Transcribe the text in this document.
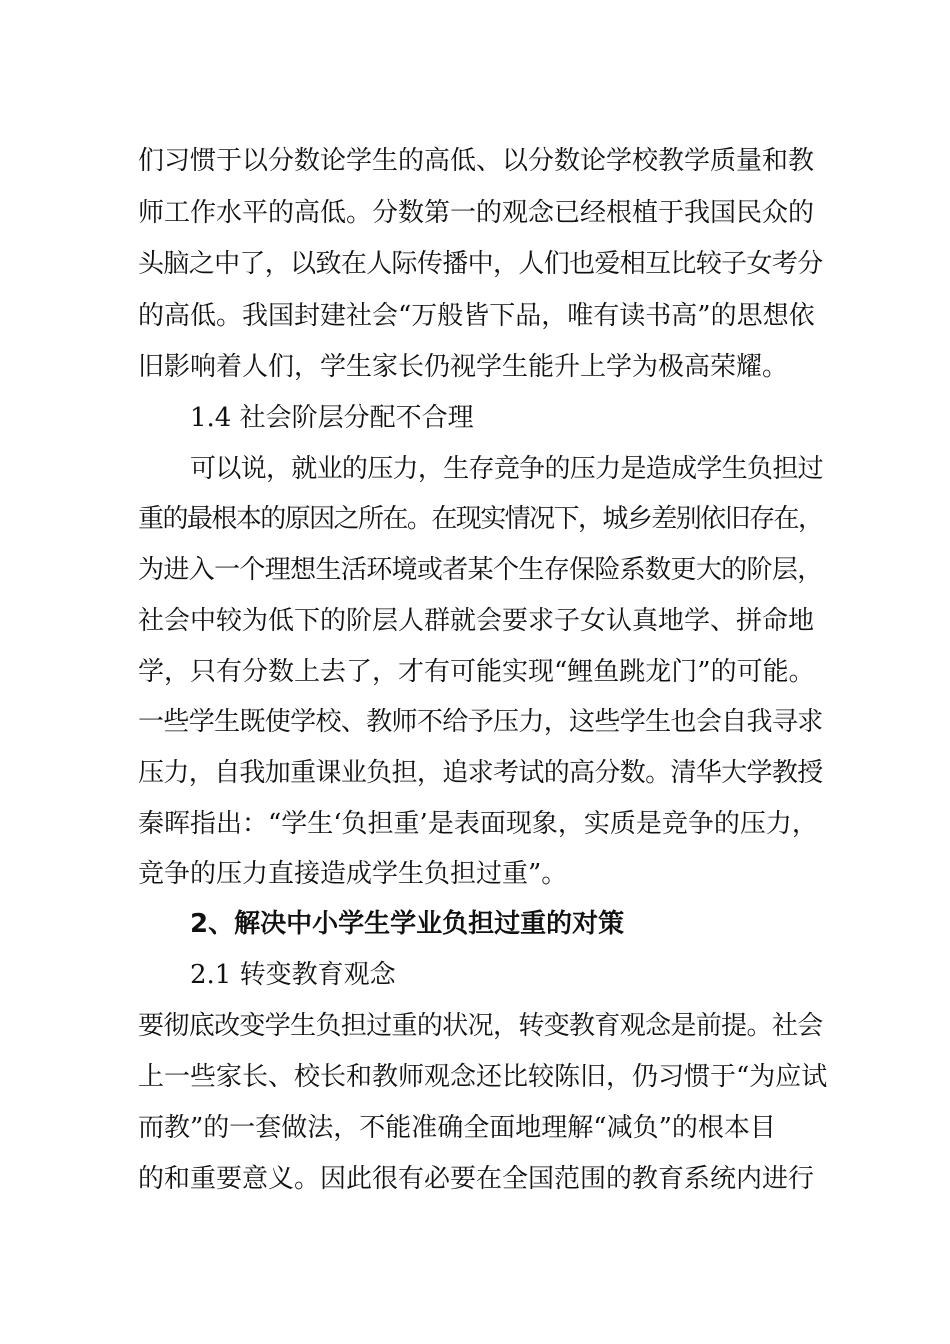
们习惯于以分数论学生的高低、以分数论学校教学质量和教
师工作水平的高低。分数第一的观念已经根植于我国民众的
头脑之中了，以致在人际传播中，人们也爱相互比较子女考分
的高低。我国封建社会“万般皆下品，唯有读书高”的思想依
旧影响着人们，学生家长仍视学生能升上学为极高荣耀。
1.4 社会阶层分配不合理
可以说，就业的压力，生存竞争的压力是造成学生负担过
重的最根本的原因之所在。在现实情况下，城乡差别依旧存在，
为进入一个理想生活环境或者某个生存保险系数更大的阶层，
社会中较为低下的阶层人群就会要求子女认真地学、拼命地
学，只有分数上去了，才有可能实现“鲤鱼跳龙门”的可能。
一些学生既使学校、教师不给予压力，这些学生也会自我寻求
压力，自我加重课业负担，追求考试的高分数。清华大学教授
秦晖指出：“学生‘负担重’是表面现象，实质是竞争的压力，
竞争的压力直接造成学生负担过重”。
2、解决中小学生学业负担过重的对策
2.1 转变教育观念
要彻底改变学生负担过重的状况，转变教育观念是前提。社会
上一些家长、校长和教师观念还比较陈旧，仍习惯于“为应试
而教”的一套做法，不能准确全面地理解“减负”的根本目
的和重要意义。因此很有必要在全国范围的教育系统内进行
